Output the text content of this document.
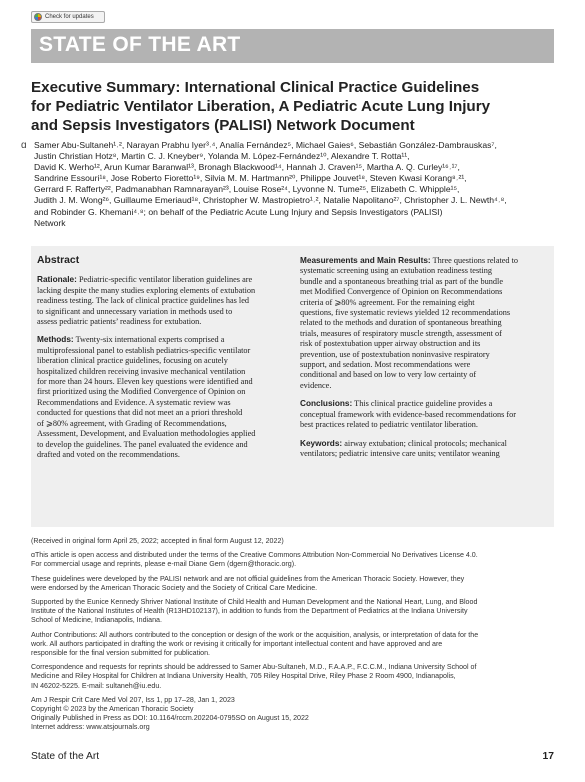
Check for updates
STATE OF THE ART
Executive Summary: International Clinical Practice Guidelines
for Pediatric Ventilator Liberation, A Pediatric Acute Lung Injury
and Sepsis Investigators (PALISI) Network Document
ɑ Samer Abu-Sultaneh¹˒², Narayan Prabhu Iyer³˒⁴, Analía Fernández⁵, Michael Gaies⁶, Sebastián González-Dambrauskas⁷,

Justin Christian Hotz⁸, Martin C. J. Kneyber⁹, Yolanda M. López-Fernández¹⁰, Alexandre T. Rotta¹¹,

David K. Werho¹², Arun Kumar Baranwal¹³, Bronagh Blackwood¹⁴, Hannah J. Craven¹⁵, Martha A. Q. Curley¹⁶˒¹⁷,

Sandrine Essouri¹⁸, Jose Roberto Fioretto¹⁹, Silvia M. M. Hartmann²⁰, Philippe Jouvet¹⁸, Steven Kwasi Korang⁸˒²¹,

Gerrard F. Rafferty²², Padmanabhan Ramnarayan²³, Louise Rose²⁴, Lyvonne N. Tume²⁵, Elizabeth C. Whipple¹⁵,

Judith J. M. Wong²⁶, Guillaume Emeriaud¹⁸, Christopher W. Mastropietro¹˒², Natalie Napolitano²⁷, Christopher J. L. Newth⁴˒⁸,

and Robinder G. Khemani⁴˒⁸; on behalf of the Pediatric Acute Lung Injury and Sepsis Investigators (PALISI)

Network

Abstract

Rationale: Pediatric-specific ventilator liberation guidelines are

lacking despite the many studies exploring elements of extubation

readiness testing. The lack of clinical practice guidelines has led

to significant and unnecessary variation in methods used to

assess pediatric patients’ readiness for extubation.

Methods: Twenty-six international experts comprised a

multiprofessional panel to establish pediatrics-specific ventilator

liberation clinical practice guidelines, focusing on acutely

hospitalized children receiving invasive mechanical ventilation

for more than 24 hours. Eleven key questions were identified and

first prioritized using the Modified Convergence of Opinion on

Recommendations and Evidence. A systematic review was

conducted for questions that did not meet an a priori threshold

of ⩾80% agreement, with Grading of Recommendations,

Assessment, Development, and Evaluation methodologies applied

to develop the guidelines. The panel evaluated the evidence and

drafted and voted on the recommendations.

Measurements and Main Results: Three questions related to

systematic screening using an extubation readiness testing

bundle and a spontaneous breathing trial as part of the bundle

met Modified Convergence of Opinion on Recommendations

criteria of ⩾80% agreement. For the remaining eight

questions, five systematic reviews yielded 12 recommendations

related to the methods and duration of spontaneous breathing

trials, measures of respiratory muscle strength, assessment of

risk of postextubation upper airway obstruction and its

prevention, use of postextubation noninvasive respiratory

support, and sedation. Most recommendations were

conditional and based on low to very low certainty of

evidence.

Conclusions: This clinical practice guideline provides a

conceptual framework with evidence-based recommendations for

best practices related to pediatric ventilator liberation.

Keywords: airway extubation; clinical protocols; mechanical

ventilators; pediatric intensive care units; ventilator weaning

(Received in original form April 25, 2022; accepted in final form August 12, 2022)

ɑThis article is open access and distributed under the terms of the Creative Commons Attribution Non-Commercial No Derivatives License 4.0.

For commercial usage and reprints, please e-mail Diane Gern (dgern@thoracic.org).

These guidelines were developed by the PALISI network and are not official guidelines from the American Thoracic Society. However, they

were endorsed by the American Thoracic Society and the Society of Critical Care Medicine.

Supported by the Eunice Kennedy Shriver National Institute of Child Health and Human Development and the National Heart, Lung, and Blood

Institute of the National Institutes of Health (R13HD102137), in addition to funds from the Department of Pediatrics at the Indiana University

School of Medicine, Indianapolis, Indiana.

Author Contributions: All authors contributed to the conception or design of the work or the acquisition, analysis, or interpretation of data for the

work. All authors participated in drafting the work or revising it critically for important intellectual content and have approved and are

responsible for the final version submitted for publication.

Correspondence and requests for reprints should be addressed to Samer Abu-Sultaneh, M.D., F.A.A.P., F.C.C.M., Indiana University School of

Medicine and Riley Hospital for Children at Indiana University Health, 705 Riley Hospital Drive, Riley Phase 2 Room 4900, Indianapolis,

IN 46202-5225. E-mail: sultaneh@iu.edu.

Am J Respir Crit Care Med Vol 207, Iss 1, pp 17–28, Jan 1, 2023

Copyright © 2023 by the American Thoracic Society

Originally Published in Press as DOI: 10.1164/rccm.202204-0795SO on August 15, 2022

Internet address: www.atsjournals.org

State of the Art	17
